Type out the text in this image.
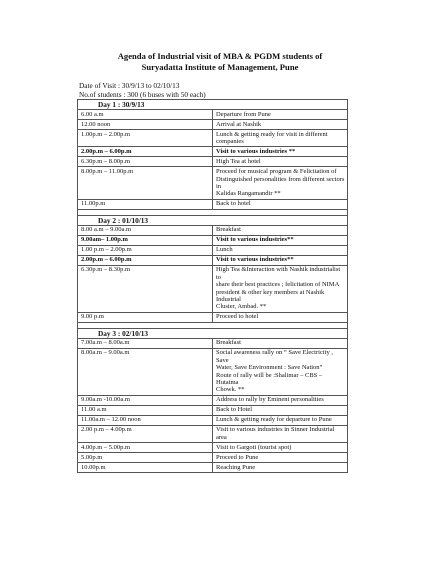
Agenda of Industrial visit of MBA & PGDM students of
Suryadatta Institute of Management, Pune
Date of Visit : 30/9/13 to 02/10/13
No.of students : 300 (6 buses with 50 each)
Day 1 : 30/9/13	
6.00 a.m	Departure from Pune

12.00 noon	Arrival at Nashik

1.00p.m – 2.00p.m	Lunch & getting ready for visit in different
companies

2.00p.m – 6.00p.m	Visit to various industries **

6.30p.m – 8.00p.m	High Tea at hotel

8.00p.m – 11.00p.m	Proceed for musical program & Felicitation of
Distinguished personalities from different sectors in
Kalidas Rangamandir **

11.00p.m	Back to hotel

Day 2 : 01/10/13	
8.00 a.m – 9.00a.m	Breakfast

9.00am– 1.00p.m	Visit to various industries**

1.00 p.m – 2.00p.m	Lunch

2.00p.m – 6.00p.m	Visit to various industries**

6.30p.m – 8.30p.m	High Tea &Interaction with Nashik industrialist to
share their best practices ; felicitation of NIMA
president & other key members at Nashik Industrial
Cluster, Ambad. **

9.00 p.m	Proceed to hotel

Day 3 : 02/10/13	
7.00a.m – 8.00a.m	Breakfast

8.00a.m – 9.00a.m	Social awareness rally on “ Save Electricity , Save
Water, Save Environment : Save Nation”
Route of rally will be :Shalimar – CBS – Hutatma
Chowk. **

9.00a.m -10.00a.m	Address to rally by Eminent personalities

11.00 a.m	Back to Hotel

11.00a.m – 12.00 noon	Lunch & getting ready for departure to Pune

2.00 p.m – 4.00p.m	Visit to various industries in Sinner Industrial area

4.00p.m – 5.00p.m	Visit to Gargoti (tourist spot)

5.00p.m	Proceed to Pune

10.00p.m	Reaching Pune
